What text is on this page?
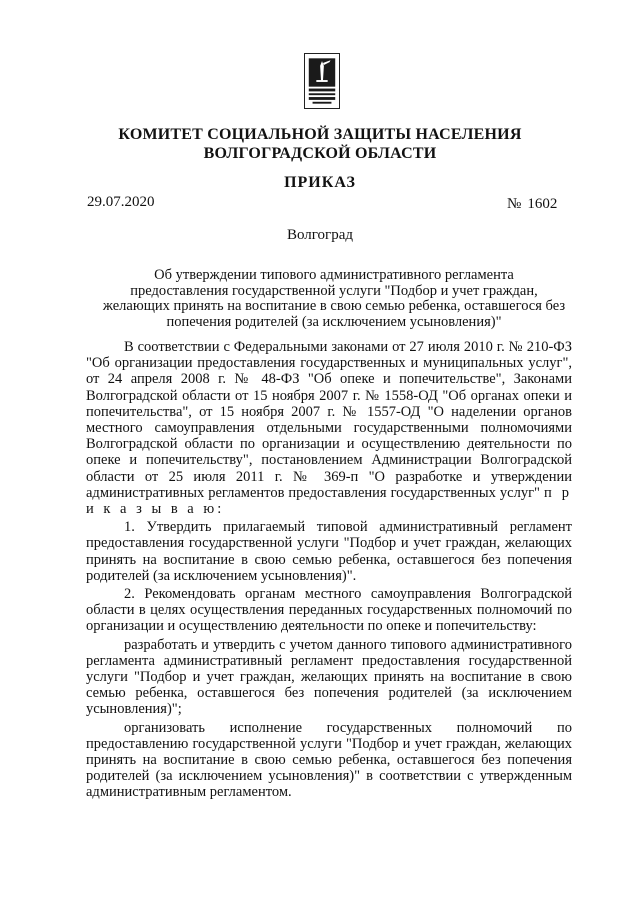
КОМИТЕТ СОЦИАЛЬНОЙ ЗАЩИТЫ НАСЕЛЕНИЯ
ВОЛГОГРАДСКОЙ ОБЛАСТИ
ПРИКАЗ
29.07.2020	№ 1602
Волгоград
Об утверждении типового административного регламента
предоставления государственной услуги "Подбор и учет граждан,
желающих принять на воспитание в свою семью ребенка, оставшегося без
попечения родителей (за исключением усыновления)"

В соответствии с Федеральными законами от 27 июля 2010 г. № 210-ФЗ "Об организации предоставления государственных и муниципальных услуг", от 24 апреля 2008 г. № 48-ФЗ "Об опеке и попечительстве", Законами Волгоградской области от 15 ноября 2007 г. № 1558-ОД "Об органах опеки и попечительства", от 15 ноября 2007 г. № 1557-ОД "О наделении органов местного самоуправления отдельными государственными полномочиями Волгоградской области по организации и осуществлению деятельности по опеке и попечительству", постановлением Администрации Волгоградской области от 25 июля 2011 г. № 369-п "О разработке и утверждении административных регламентов предоставления государственных услуг" п р и к а з ы в а ю:

1. Утвердить прилагаемый типовой административный регламент предоставления государственной услуги "Подбор и учет граждан, желающих принять на воспитание в свою семью ребенка, оставшегося без попечения родителей (за исключением усыновления)".

2. Рекомендовать органам местного самоуправления Волгоградской области в целях осуществления переданных государственных полномочий по организации и осуществлению деятельности по опеке и попечительству:

разработать и утвердить с учетом данного типового административного регламента административный регламент предоставления государственной услуги "Подбор и учет граждан, желающих принять на воспитание в свою семью ребенка, оставшегося без попечения родителей (за исключением усыновления)";

организовать исполнение государственных полномочий по предоставлению государственной услуги "Подбор и учет граждан, желающих принять на воспитание в свою семью ребенка, оставшегося без попечения родителей (за исключением усыновления)" в соответствии с утвержденным административным регламентом.
